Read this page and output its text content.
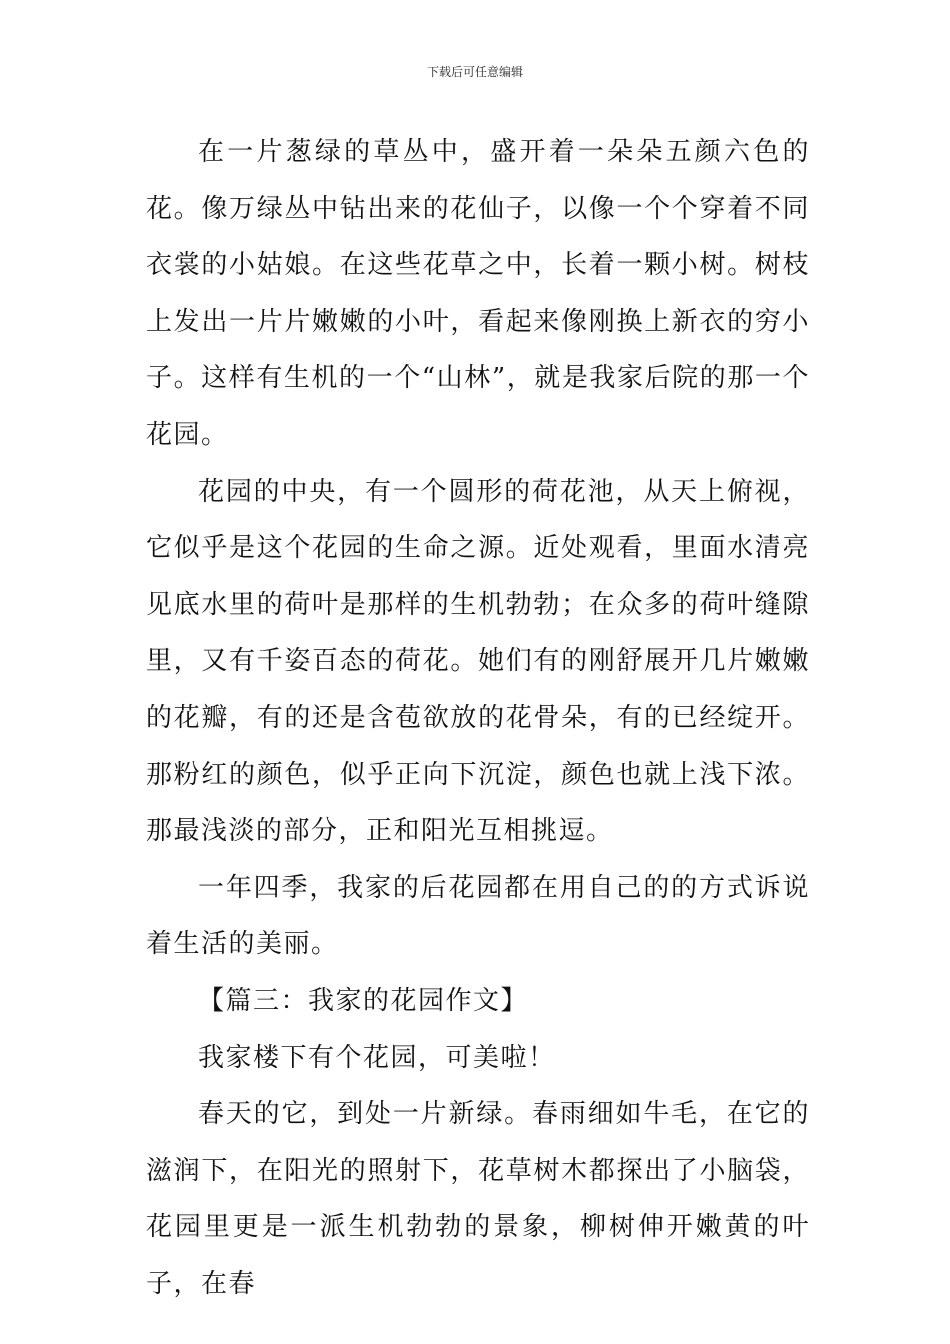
下载后可任意编辑

在一片葱绿的草丛中，盛开着一朵朵五颜六色的花。像万绿丛中钻出来的花仙子，以像一个个穿着不同衣裳的小姑娘。在这些花草之中，长着一颗小树。树枝上发出一片片嫩嫩的小叶，看起来像刚换上新衣的穷小子。这样有生机的一个“山林”，就是我家后院的那一个花园。

花园的中央，有一个圆形的荷花池，从天上俯视，它似乎是这个花园的生命之源。近处观看，里面水清亮见底水里的荷叶是那样的生机勃勃；在众多的荷叶缝隙里，又有千姿百态的荷花。她们有的刚舒展开几片嫩嫩的花瓣，有的还是含苞欲放的花骨朵，有的已经绽开。那粉红的颜色，似乎正向下沉淀，颜色也就上浅下浓。那最浅淡的部分，正和阳光互相挑逗。

一年四季，我家的后花园都在用自己的的方式诉说着生活的美丽。

【篇三：我家的花园作文】

我家楼下有个花园，可美啦！

春天的它，到处一片新绿。春雨细如牛毛，在它的滋润下，在阳光的照射下，花草树木都探出了小脑袋，花园里更是一派生机勃勃的景象，柳树伸开嫩黄的叶子，在春
